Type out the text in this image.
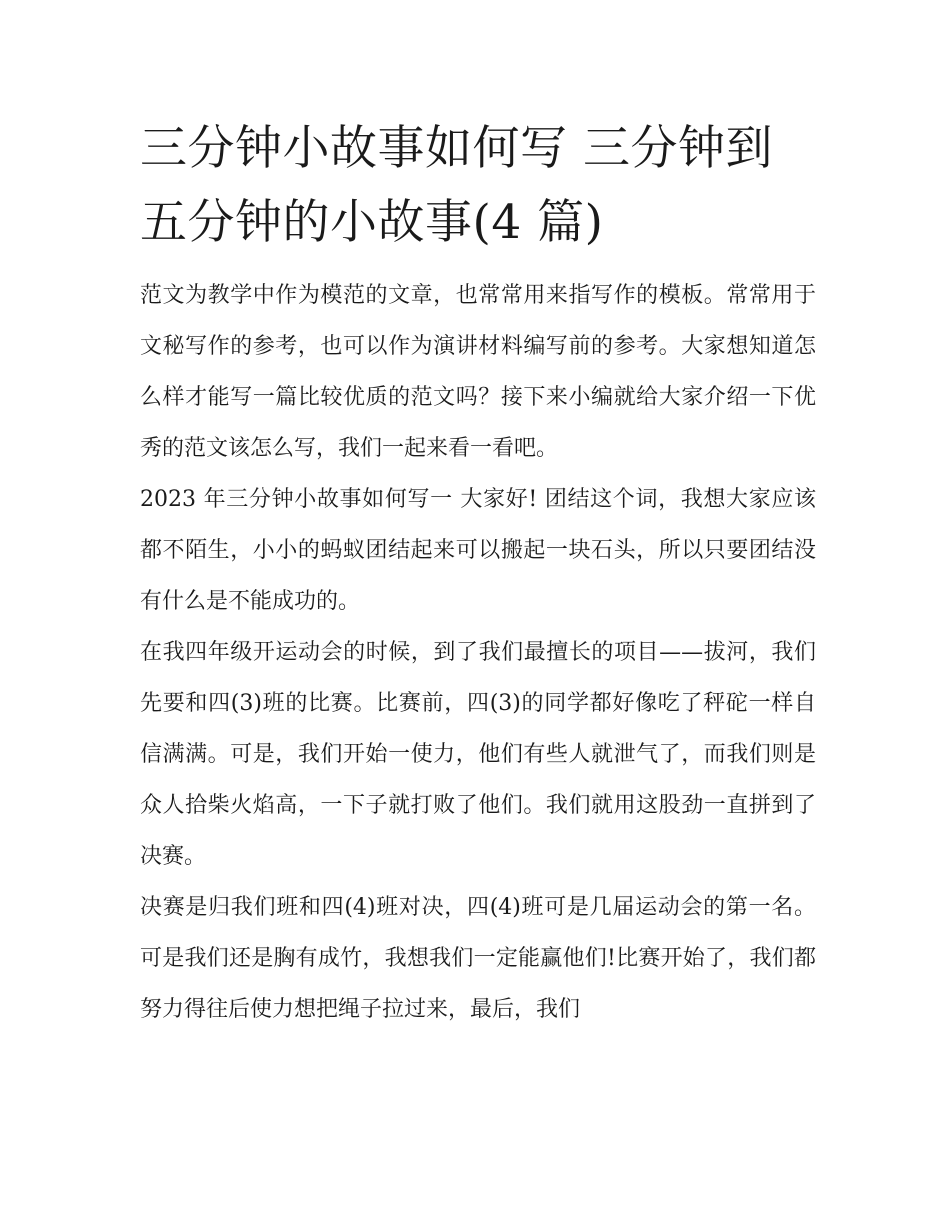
三分钟小故事如何写 三分钟到五分钟的小故事(4 篇)

范文为教学中作为模范的文章，也常常用来指写作的模板。常常用于文秘写作的参考，也可以作为演讲材料编写前的参考。大家想知道怎么样才能写一篇比较优质的范文吗？接下来小编就给大家介绍一下优秀的范文该怎么写，我们一起来看一看吧。

2023 年三分钟小故事如何写一 大家好! 团结这个词，我想大家应该都不陌生，小小的蚂蚁团结起来可以搬起一块石头，所以只要团结没有什么是不能成功的。

在我四年级开运动会的时候，到了我们最擅长的项目——拔河，我们先要和四(3)班的比赛。比赛前，四(3)的同学都好像吃了秤砣一样自信满满。可是，我们开始一使力，他们有些人就泄气了，而我们则是众人拾柴火焰高，一下子就打败了他们。我们就用这股劲一直拼到了决赛。

决赛是归我们班和四(4)班对决，四(4)班可是几届运动会的第一名。可是我们还是胸有成竹，我想我们一定能赢他们!比赛开始了，我们都努力得往后使力想把绳子拉过来，最后，我们
